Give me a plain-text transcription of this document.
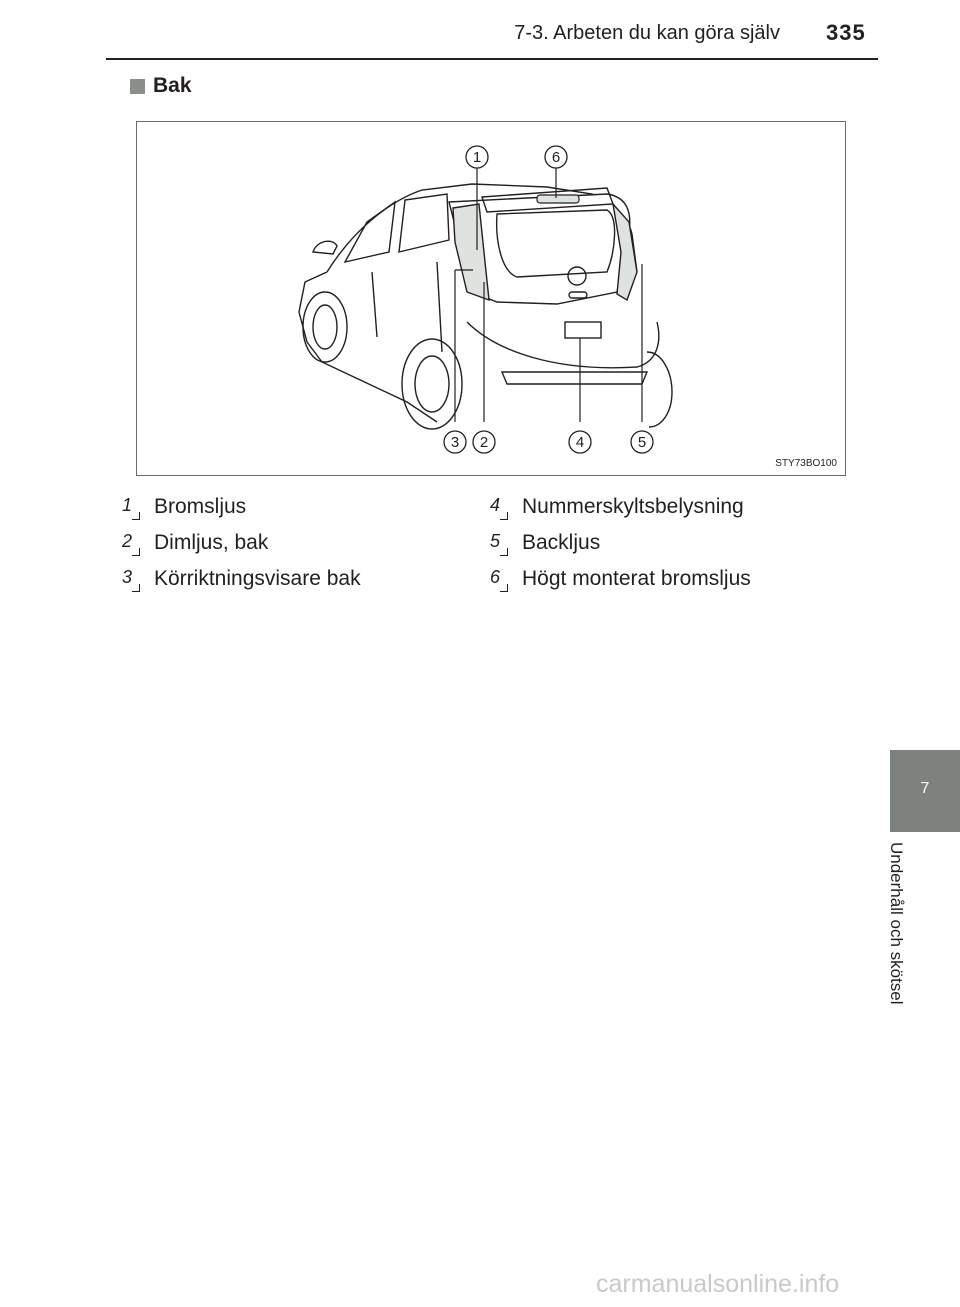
7-3. Arbeten du kan göra själv 335
Bak
1	6
3 2	4	5
STY73BO100
1 Bromsljus
2 Dimljus, bak
3 Körriktningsvisare bak
4 Nummerskyltsbelysning
5 Backljus
6 Högt monterat bromsljus
7
Underhåll och skötsel
carmanualsonline.info
